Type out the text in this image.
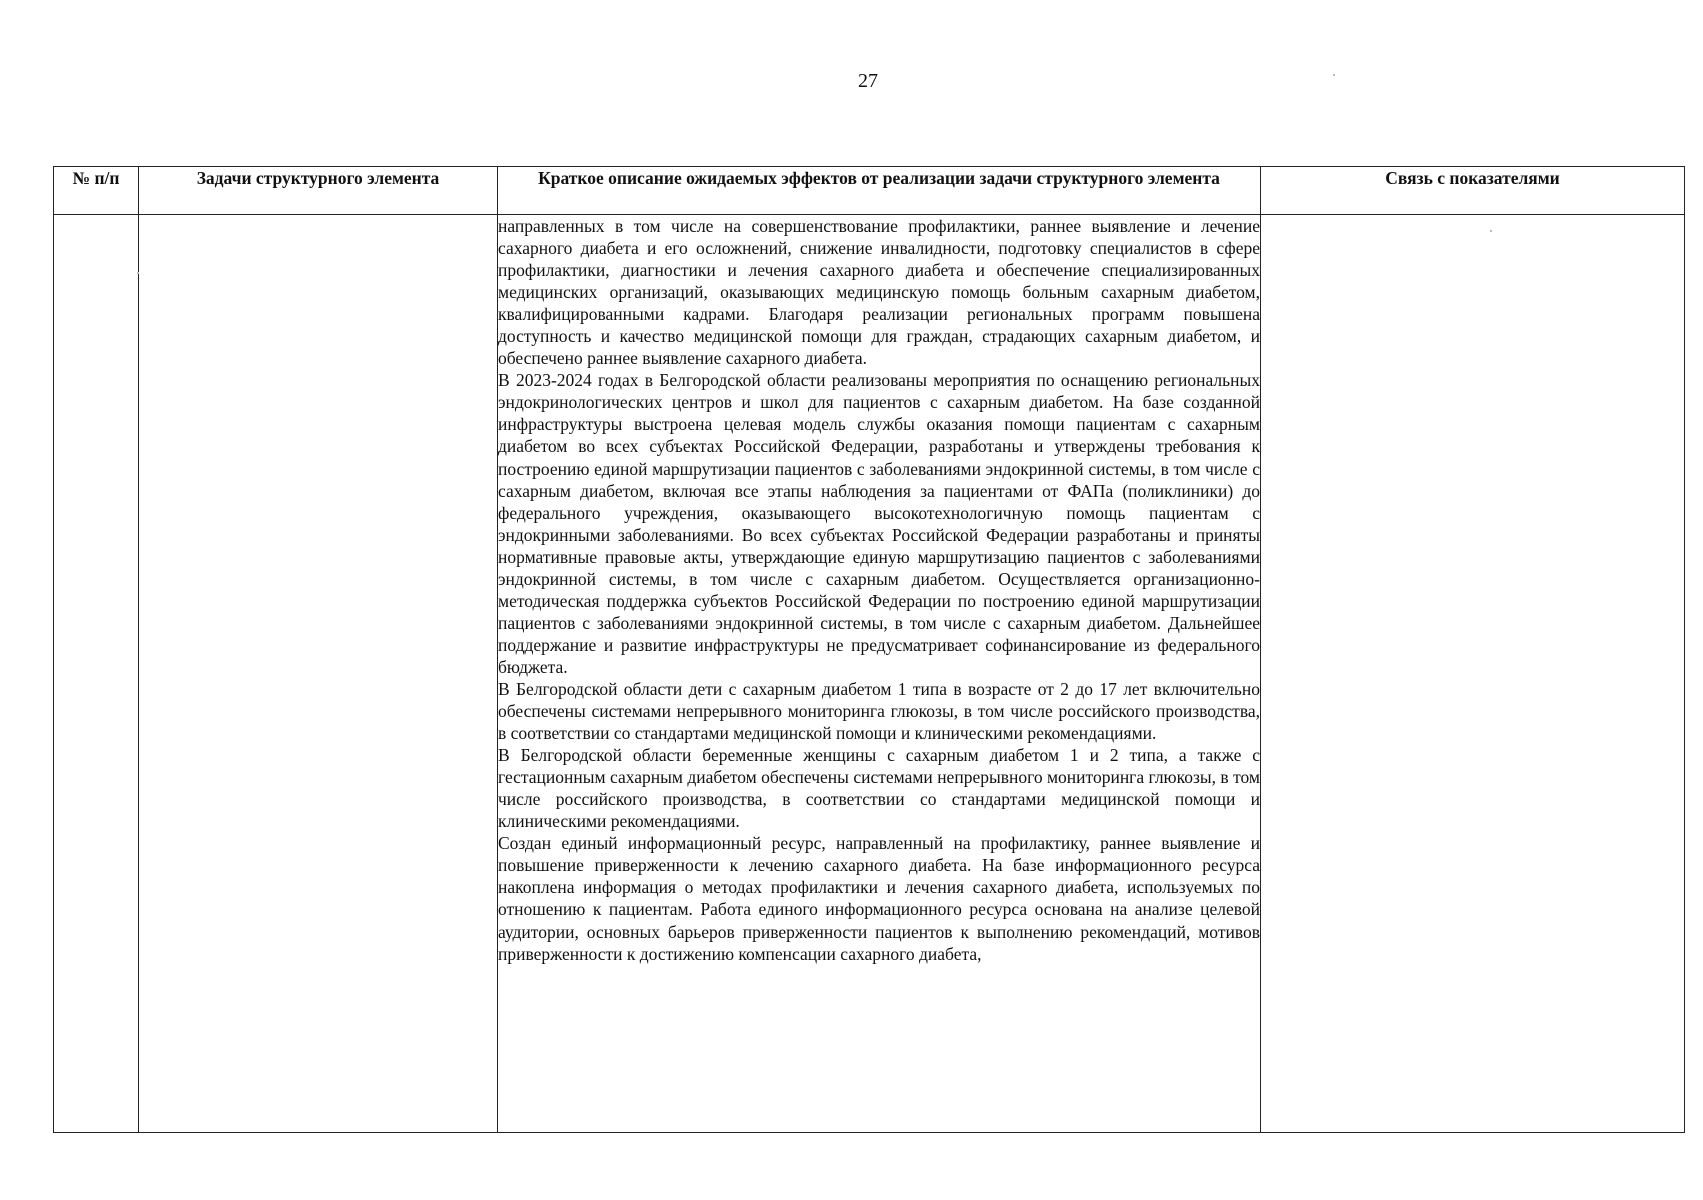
27
№ п/п	Задачи структурного элемента	Краткое описание ожидаемых эффектов от реализации задачи структурного элемента	Связь с показателями

		направленных в том числе на совершенствование профилактики, раннее выявление и лечение сахарного диабета и его осложнений, снижение инвалидности, подготовку специалистов в сфере профилактики, диагностики и лечения сахарного диабета и обеспечение специализированных медицинских организаций, оказывающих медицинскую помощь больным сахарным диабетом, квалифицированными кадрами. Благодаря реализации региональных программ повышена доступность и качество медицинской помощи для граждан, страдающих сахарным диабетом, и обеспечено раннее выявление сахарного диабета.

В 2023-2024 годах в Белгородской области реализованы мероприятия по оснащению региональных эндокринологических центров и школ для пациентов с сахарным диабетом. На базе созданной инфраструктуры выстроена целевая модель службы оказания помощи пациентам с сахарным диабетом во всех субъектах Российской Федерации, разработаны и утверждены требования к построению единой маршрутизации пациентов с заболеваниями эндокринной системы, в том числе с сахарным диабетом, включая все этапы наблюдения за пациентами от ФАПа (поликлиники) до федерального учреждения, оказывающего высокотехнологичную помощь пациентам с эндокринными заболеваниями. Во всех субъектах Российской Федерации разработаны и приняты нормативные правовые акты, утверждающие единую маршрутизацию пациентов с заболеваниями эндокринной системы, в том числе с сахарным диабетом. Осуществляется организационно-методическая поддержка субъектов Российской Федерации по построению единой маршрутизации пациентов с заболеваниями эндокринной системы, в том числе с сахарным диабетом. Дальнейшее поддержание и развитие инфраструктуры не предусматривает софинансирование из федерального бюджета.

В Белгородской области дети с сахарным диабетом 1 типа в возрасте от 2 до 17 лет включительно обеспечены системами непрерывного мониторинга глюкозы, в том числе российского производства, в соответствии со стандартами медицинской помощи и клиническими рекомендациями.

В Белгородской области беременные женщины с сахарным диабетом 1 и 2 типа, а также с гестационным сахарным диабетом обеспечены системами непрерывного мониторинга глюкозы, в том числе российского производства, в соответствии со стандартами медицинской помощи и клиническими рекомендациями.

Создан единый информационный ресурс, направленный на профилактику, раннее выявление и повышение приверженности к лечению сахарного диабета. На базе информационного ресурса накоплена информация о методах профилактики и лечения сахарного диабета, используемых по отношению к пациентам. Работа единого информационного ресурса основана на анализе целевой аудитории, основных барьеров приверженности пациентов к выполнению рекомендаций, мотивов приверженности к достижению компенсации сахарного диабета,	
